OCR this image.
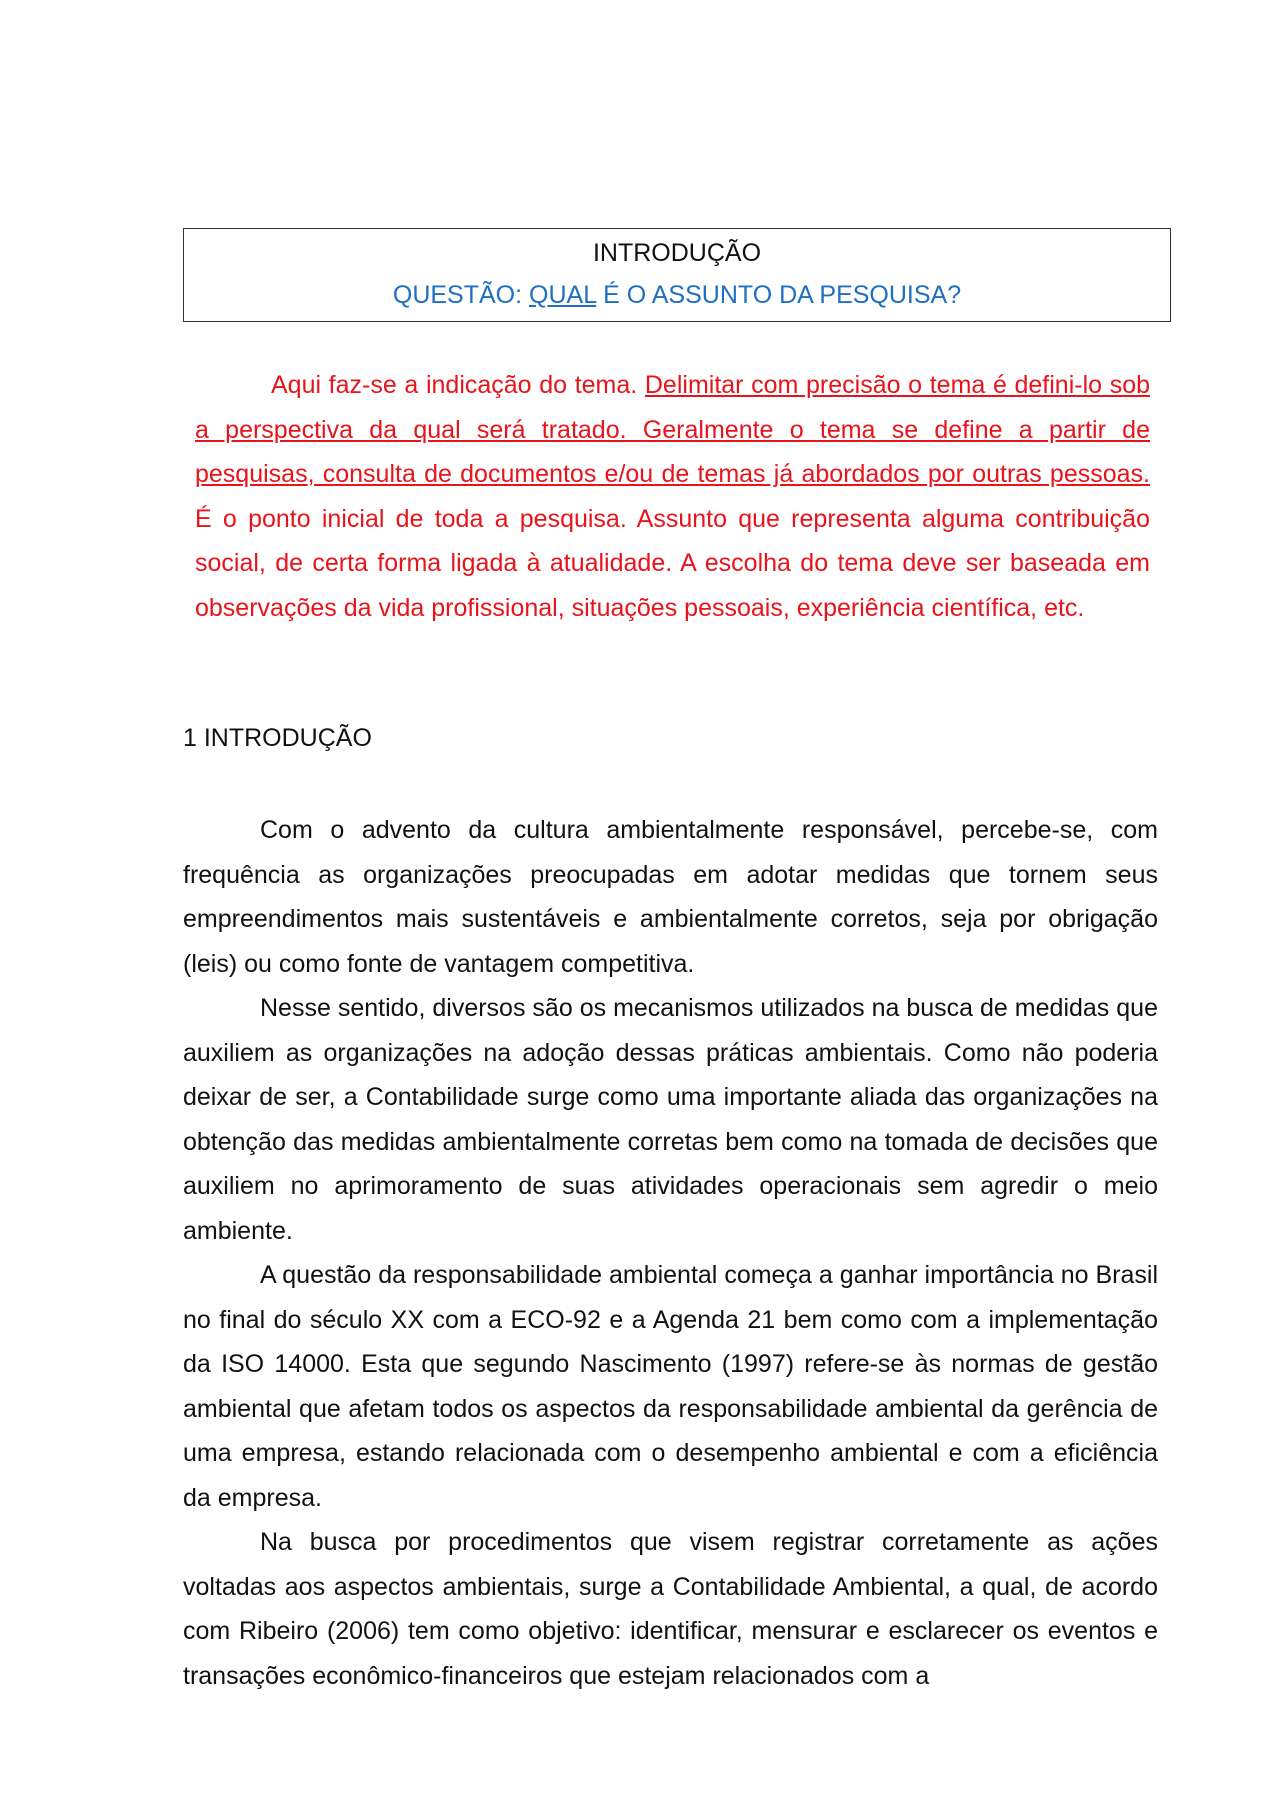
INTRODUÇÃO
QUESTÃO: QUAL É O ASSUNTO DA PESQUISA?
Aqui faz-se a indicação do tema. Delimitar com precisão o tema é defini-lo sob a perspectiva da qual será tratado. Geralmente o tema se define a partir de pesquisas, consulta de documentos e/ou de temas já abordados por outras pessoas. É o ponto inicial de toda a pesquisa. Assunto que representa alguma contribuição social, de certa forma ligada à atualidade. A escolha do tema deve ser baseada em observações da vida profissional, situações pessoais, experiência científica, etc.
1 INTRODUÇÃO

Com o advento da cultura ambientalmente responsável, percebe-se, com frequência as organizações preocupadas em adotar medidas que tornem seus empreendimentos mais sustentáveis e ambientalmente corretos, seja por obrigação (leis) ou como fonte de vantagem competitiva.

Nesse sentido, diversos são os mecanismos utilizados na busca de medidas que auxiliem as organizações na adoção dessas práticas ambientais. Como não poderia deixar de ser, a Contabilidade surge como uma importante aliada das organizações na obtenção das medidas ambientalmente corretas bem como na tomada de decisões que auxiliem no aprimoramento de suas atividades operacionais sem agredir o meio ambiente.

A questão da responsabilidade ambiental começa a ganhar importância no Brasil no final do século XX com a ECO-92 e a Agenda 21 bem como com a implementação da ISO 14000. Esta que segundo Nascimento (1997) refere-se às normas de gestão ambiental que afetam todos os aspectos da responsabilidade ambiental da gerência de uma empresa, estando relacionada com o desempenho ambiental e com a eficiência da empresa.

Na busca por procedimentos que visem registrar corretamente as ações voltadas aos aspectos ambientais, surge a Contabilidade Ambiental, a qual, de acordo com Ribeiro (2006) tem como objetivo: identificar, mensurar e esclarecer os eventos e transações econômico-financeiros que estejam relacionados com a
